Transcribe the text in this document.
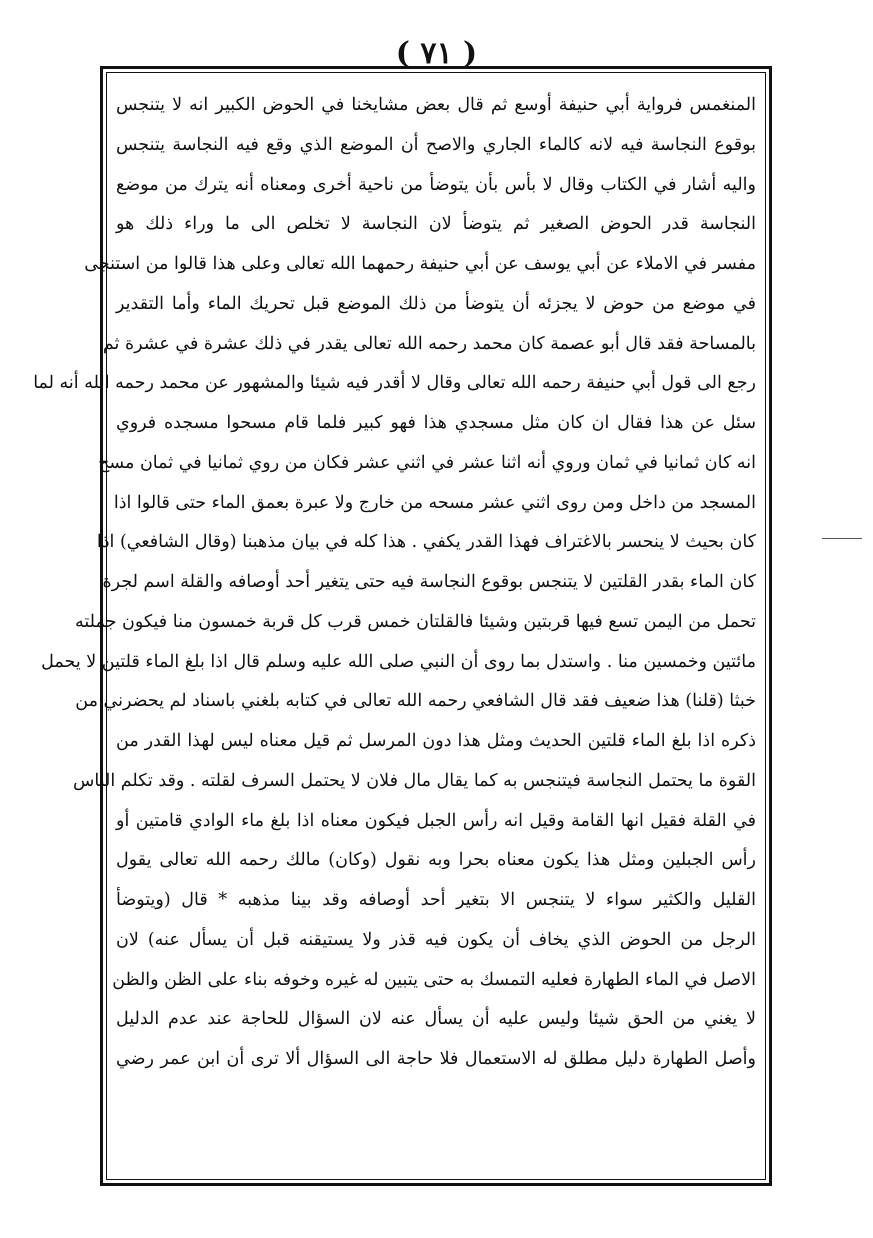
( ٧١ )
المنغمس فرواية أبي حنيفة أوسع ثم قال بعض مشايخنا في الحوض الكبير انه لا يتنجس
بوقوع النجاسة فيه لانه كالماء الجاري والاصح أن الموضع الذي وقع فيه النجاسة يتنجس
واليه أشار في الكتاب وقال لا بأس بأن يتوضأ من ناحية أخرى ومعناه أنه يترك من موضع
النجاسة قدر الحوض الصغير ثم يتوضأ لان النجاسة لا تخلص الى ما وراء ذلك هو
مفسر في الاملاء عن أبي يوسف عن أبي حنيفة رحمهما الله تعالى وعلى هذا قالوا من استنجى
في موضع من حوض لا يجزئه أن يتوضأ من ذلك الموضع قبل تحريك الماء وأما التقدير
بالمساحة فقد قال أبو عصمة كان محمد رحمه الله تعالى يقدر في ذلك عشرة في عشرة ثم
رجع الى قول أبي حنيفة رحمه الله تعالى وقال لا أقدر فيه شيئا والمشهور عن محمد رحمه الله أنه لما
سئل عن هذا فقال ان كان مثل مسجدي هذا فهو كبير فلما قام مسحوا مسجده فروي
انه كان ثمانيا في ثمان وروي أنه اثنا عشر في اثني عشر فكان من روي ثمانيا في ثمان مسح
المسجد من داخل ومن روى اثني عشر مسحه من خارج ولا عبرة بعمق الماء حتى قالوا اذا
كان بحيث لا ينحسر بالاغتراف فهذا القدر يكفي . هذا كله في بيان مذهبنا (وقال الشافعي) اذا
كان الماء بقدر القلتين لا يتنجس بوقوع النجاسة فيه حتى يتغير أحد أوصافه والقلة اسم لجرة
تحمل من اليمن تسع فيها قربتين وشيئا فالقلتان خمس قرب كل قربة خمسون منا فيكون جملته
مائتين وخمسين منا . واستدل بما روى أن النبي صلى الله عليه وسلم قال اذا بلغ الماء قلتين لا يحمل
خبثا (قلنا) هذا ضعيف فقد قال الشافعي رحمه الله تعالى في كتابه بلغني باسناد لم يحضرني من
ذكره اذا بلغ الماء قلتين الحديث ومثل هذا دون المرسل ثم قيل معناه ليس لهذا القدر من
القوة ما يحتمل النجاسة فيتنجس به كما يقال مال فلان لا يحتمل السرف لقلته . وقد تكلم الناس
في القلة فقيل انها القامة وقيل انه رأس الجبل فيكون معناه اذا بلغ ماء الوادي قامتين أو
رأس الجبلين ومثل هذا يكون معناه بحرا وبه نقول (وكان) مالك رحمه الله تعالى يقول
القليل والكثير سواء لا يتنجس الا بتغير أحد أوصافه وقد بينا مذهبه * قال (ويتوضأ
الرجل من الحوض الذي يخاف أن يكون فيه قذر ولا يستيقنه قبل أن يسأل عنه) لان
الاصل في الماء الطهارة فعليه التمسك به حتى يتبين له غيره وخوفه بناء على الظن والظن
لا يغني من الحق شيئا وليس عليه أن يسأل عنه لان السؤال للحاجة عند عدم الدليل
وأصل الطهارة دليل مطلق له الاستعمال فلا حاجة الى السؤال ألا ترى أن ابن عمر رضي
